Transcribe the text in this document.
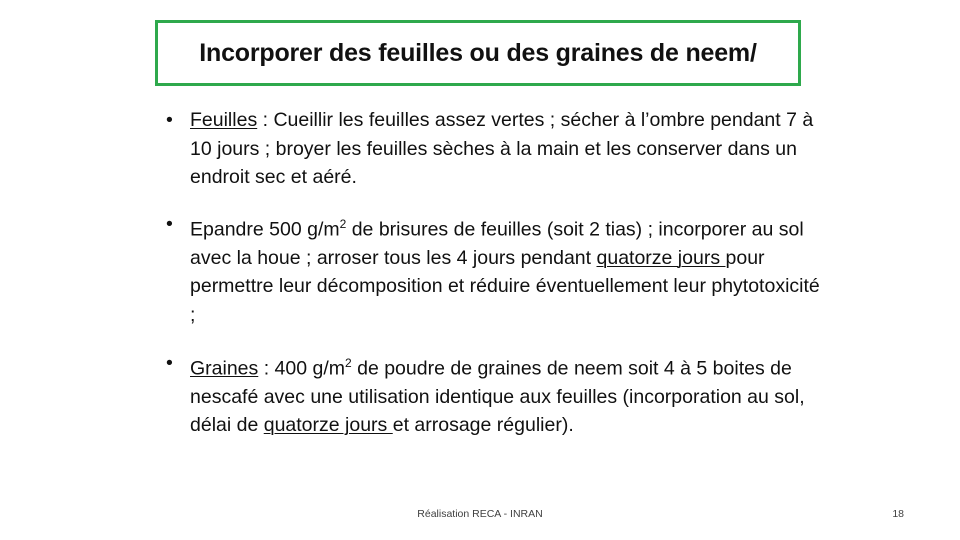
Incorporer des feuilles ou des graines de neem/
• Feuilles : Cueillir les feuilles assez vertes ; sécher à l’ombre pendant 7 à 10 jours ; broyer les feuilles sèches à la main et les conserver dans un endroit sec et aéré.
• Epandre 500 $g/m^2$ de brisures de feuilles (soit 2 tias) ; incorporer au sol avec la houe ; arroser tous les 4 jours pendant quatorze jours pour permettre leur décomposition et réduire éventuellement leur phytotoxicité ;
• Graines : 400 $g/m^2$ de poudre de graines de neem soit 4 à 5 boites de nescafé avec une utilisation identique aux feuilles (incorporation au sol, délai de quatorze jours et arrosage régulier).
Réalisation RECA - INRAN	18
